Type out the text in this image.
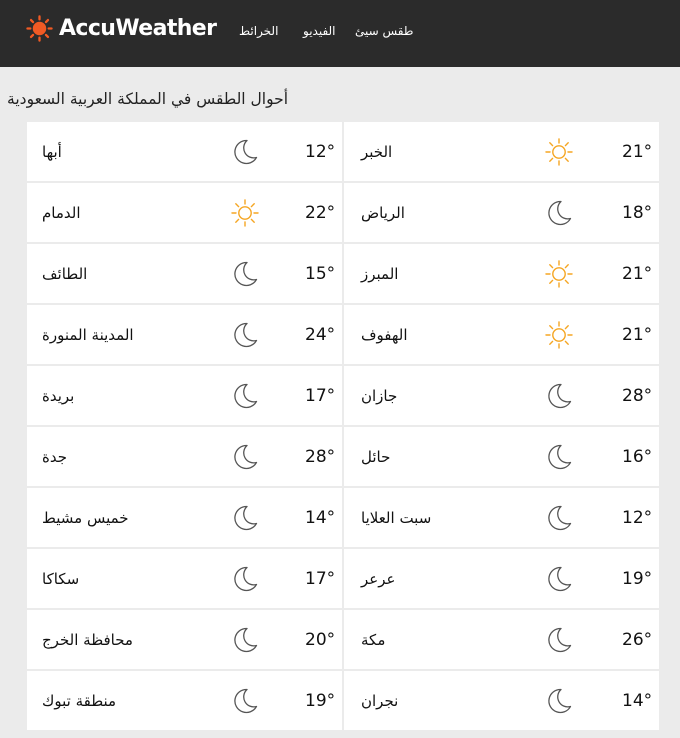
AccuWeather الخرائط الفيديو طقس سيئ
أحوال الطقس في المملكة العربية السعودية
أبها	12° الخبر	21°
الدمام	22° الرياض	18°
الطائف	15° المبرز	21°
المدينة المنورة	24° الهفوف	21°
بريدة	17° جازان	28°
جدة	28° حائل	16°
خميس مشيط	14° سبت العلايا	12°
سكاكا	17° عرعر	19°
محافظة الخرج	20° مكة	26°
منطقة تبوك	19° نجران	14°
